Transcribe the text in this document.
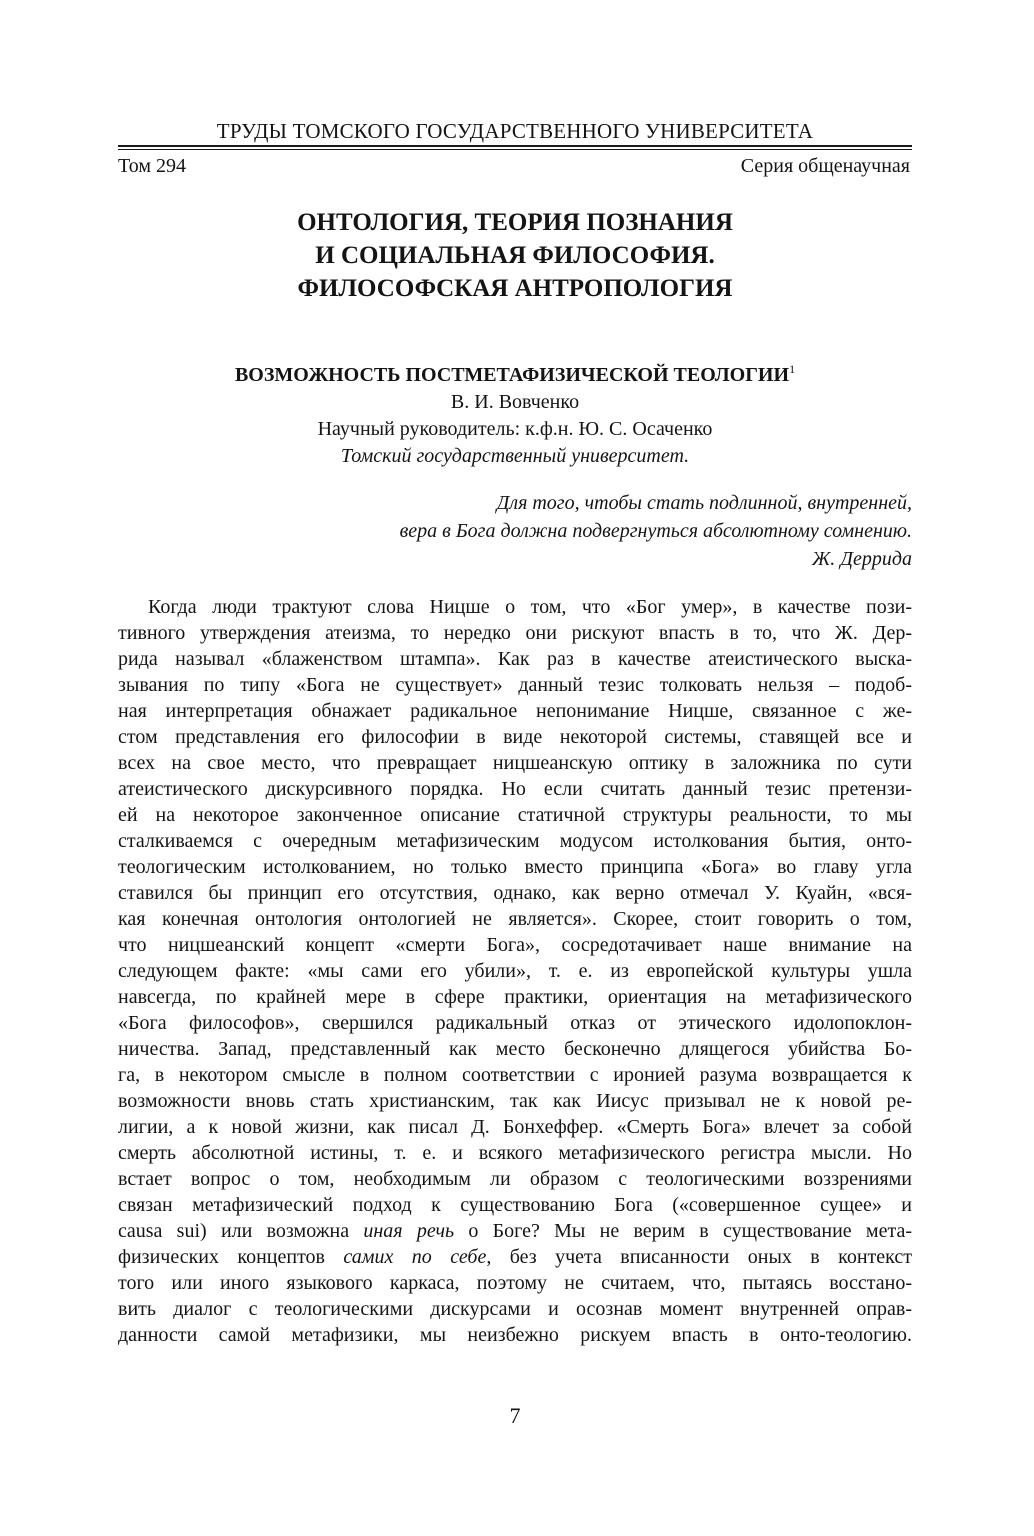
ТРУДЫ ТОМСКОГО ГОСУДАРСТВЕННОГО УНИВЕРСИТЕТА
Том 294	Серия общенаучная
ОНТОЛОГИЯ, ТЕОРИЯ ПОЗНАНИЯ
И СОЦИАЛЬНАЯ ФИЛОСОФИЯ.
ФИЛОСОФСКАЯ АНТРОПОЛОГИЯ
ВОЗМОЖНОСТЬ ПОСТМЕТАФИЗИЧЕСКОЙ ТЕОЛОГИИ$^1$
В. И. Вовченко
Научный руководитель: к.ф.н. Ю. С. Осаченко
Томский государственный университет.
Для того, чтобы стать подлинной, внутренней,
вера в Бога должна подвергнуться абсолютному сомнению.
Ж. Деррида
Когда люди трактуют слова Ницше о том, что «Бог умер», в качестве пози-
тивного утверждения атеизма, то нередко они рискуют впасть в то, что Ж. Дер-
рида называл «блаженством штампа». Как раз в качестве атеистического выска-
зывания по типу «Бога не существует» данный тезис толковать нельзя – подоб-
ная интерпретация обнажает радикальное непонимание Ницше, связанное с же-
стом представления его философии в виде некоторой системы, ставящей все и
всех на свое место, что превращает ницшеанскую оптику в заложника по сути
атеистического дискурсивного порядка. Но если считать данный тезис претензи-
ей на некоторое законченное описание статичной структуры реальности, то мы
сталкиваемся с очередным метафизическим модусом истолкования бытия, онто-
теологическим истолкованием, но только вместо принципа «Бога» во главу угла
ставился бы принцип его отсутствия, однако, как верно отмечал У. Куайн, «вся-
кая конечная онтология онтологией не является». Скорее, стоит говорить о том,
что ницшеанский концепт «смерти Бога», сосредотачивает наше внимание на
следующем факте: «мы сами его убили», т. е. из европейской культуры ушла
навсегда, по крайней мере в сфере практики, ориентация на метафизического
«Бога философов», свершился радикальный отказ от этического идолопоклон-
ничества. Запад, представленный как место бесконечно длящегося убийства Бо-
га, в некотором смысле в полном соответствии с иронией разума возвращается к
возможности вновь стать христианским, так как Иисус призывал не к новой ре-
лигии, а к новой жизни, как писал Д. Бонхеффер. «Смерть Бога» влечет за собой
смерть абсолютной истины, т. е. и всякого метафизического регистра мысли. Но
встает вопрос о том, необходимым ли образом с теологическими воззрениями
связан метафизический подход к существованию Бога («совершенное сущее» и
causa sui) или возможна иная речь о Боге? Мы не верим в существование мета-
физических концептов самих по себе, без учета вписанности оных в контекст
того или иного языкового каркаса, поэтому не считаем, что, пытаясь восстано-
вить диалог с теологическими дискурсами и осознав момент внутренней оправ-
данности самой метафизики, мы неизбежно рискуем впасть в онто-теологию.
7
